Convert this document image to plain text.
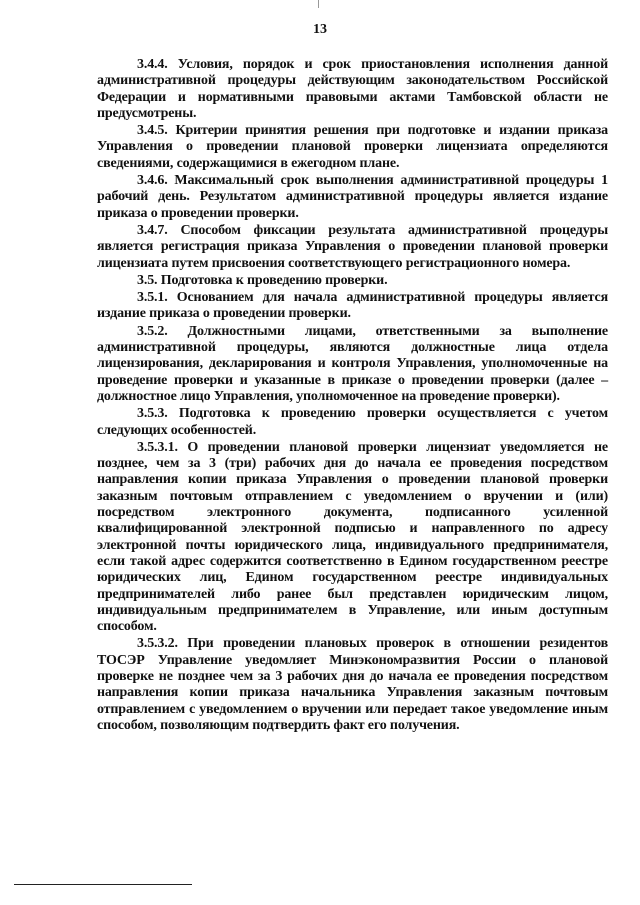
13

3.4.4. Условия, порядок и срок приостановления исполнения данной административной процедуры действующим законодательством Российской Федерации и нормативными правовыми актами Тамбовской области не предусмотрены.

3.4.5. Критерии принятия решения при подготовке и издании приказа Управления о проведении плановой проверки лицензиата определяются сведениями, содержащимися в ежегодном плане.

3.4.6. Максимальный срок выполнения административной процедуры 1 рабочий день. Результатом административной процедуры является издание приказа о проведении проверки.

3.4.7. Способом фиксации результата административной процедуры является регистрация приказа Управления о проведении плановой проверки лицензиата путем присвоения соответствующего регистрационного номера.

3.5. Подготовка к проведению проверки.

3.5.1. Основанием для начала административной процедуры является издание приказа о проведении проверки.

3.5.2. Должностными лицами, ответственными за выполнение административной процедуры, являются должностные лица отдела лицензирования, декларирования и контроля Управления, уполномоченные на проведение проверки и указанные в приказе о проведении проверки (далее – должностное лицо Управления, уполномоченное на проведение проверки).

3.5.3. Подготовка к проведению проверки осуществляется с учетом следующих особенностей.

3.5.3.1. О проведении плановой проверки лицензиат уведомляется не позднее, чем за 3 (три) рабочих дня до начала ее проведения посредством направления копии приказа Управления о проведении плановой проверки заказным почтовым отправлением с уведомлением о вручении и (или) посредством электронного документа, подписанного усиленной квалифицированной электронной подписью и направленного по адресу электронной почты юридического лица, индивидуального предпринимателя, если такой адрес содержится соответственно в Едином государственном реестре юридических лиц, Едином государственном реестре индивидуальных предпринимателей либо ранее был представлен юридическим лицом, индивидуальным предпринимателем в Управление, или иным доступным способом.

3.5.3.2. При проведении плановых проверок в отношении резидентов ТОСЭР Управление уведомляет Минэкономразвития России о плановой проверке не позднее чем за 3 рабочих дня до начала ее проведения посредством направления копии приказа начальника Управления заказным почтовым отправлением с уведомлением о вручении или передает такое уведомление иным способом, позволяющим подтвердить факт его получения.
